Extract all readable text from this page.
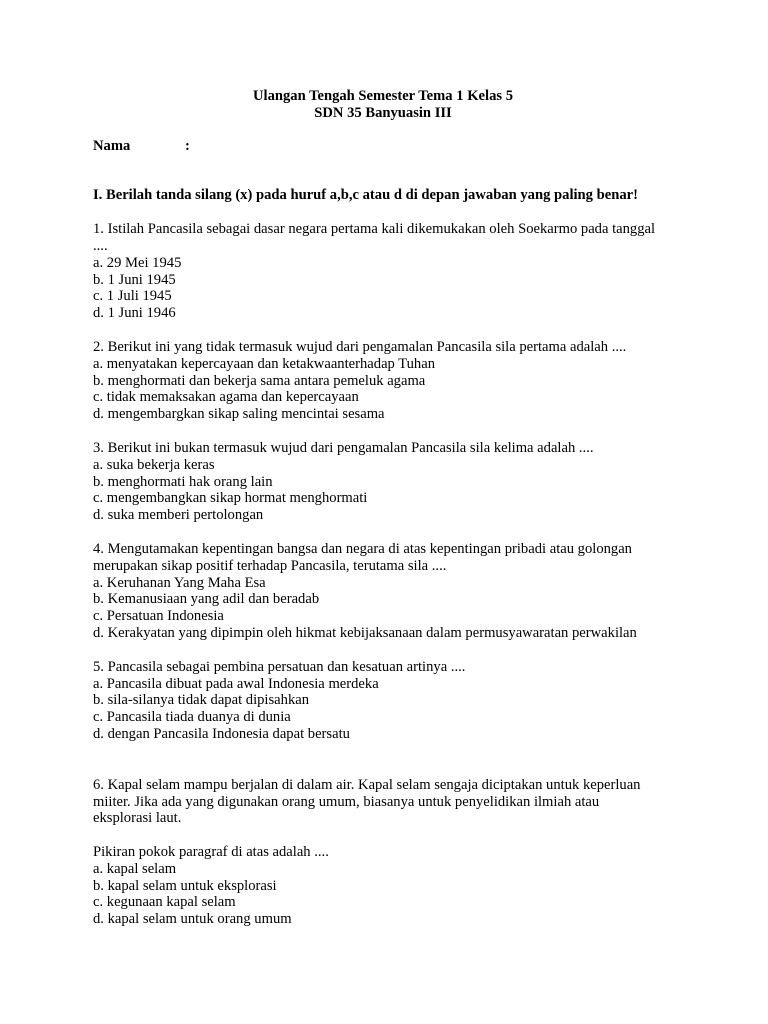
Ulangan Tengah Semester Tema 1 Kelas 5
SDN 35 Banyuasin III
Nama	:
I. Berilah tanda silang (x) pada huruf a,b,c atau d di depan jawaban yang paling benar!
1. Istilah Pancasila sebagai dasar negara pertama kali dikemukakan oleh Soekarmo pada tanggal ....
a. 29 Mei 1945
b. 1 Juni 1945
c. 1 Juli 1945
d. 1 Juni 1946
2. Berikut ini yang tidak termasuk wujud dari pengamalan Pancasila sila pertama adalah ....
a. menyatakan kepercayaan dan ketakwaanterhadap Tuhan
b. menghormati dan bekerja sama antara pemeluk agama
c. tidak memaksakan agama dan kepercayaan
d. mengembargkan sikap saling mencintai sesama
3. Berikut ini bukan termasuk wujud dari pengamalan Pancasila sila kelima adalah ....
a. suka bekerja keras
b. menghormati hak orang lain
c. mengembangkan sikap hormat menghormati
d. suka memberi pertolongan
4. Mengutamakan kepentingan bangsa dan negara di atas kepentingan pribadi atau golongan merupakan sikap positif terhadap Pancasila, terutama sila ....
a. Keruhanan Yang Maha Esa
b. Kemanusiaan yang adil dan beradab
c. Persatuan Indonesia
d. Kerakyatan yang dipimpin oleh hikmat kebijaksanaan dalam permusyawaratan perwakilan
5. Pancasila sebagai pembina persatuan dan kesatuan artinya ....
a. Pancasila dibuat pada awal Indonesia merdeka
b. sila-silanya tidak dapat dipisahkan
c. Pancasila tiada duanya di dunia
d. dengan Pancasila Indonesia dapat bersatu
6. Kapal selam mampu berjalan di dalam air. Kapal selam sengaja diciptakan untuk keperluan miiter. Jika ada yang digunakan orang umum, biasanya untuk penyelidikan ilmiah atau eksplorasi laut.
Pikiran pokok paragraf di atas adalah ....
a. kapal selam
b. kapal selam untuk eksplorasi
c. kegunaan kapal selam
d. kapal selam untuk orang umum
